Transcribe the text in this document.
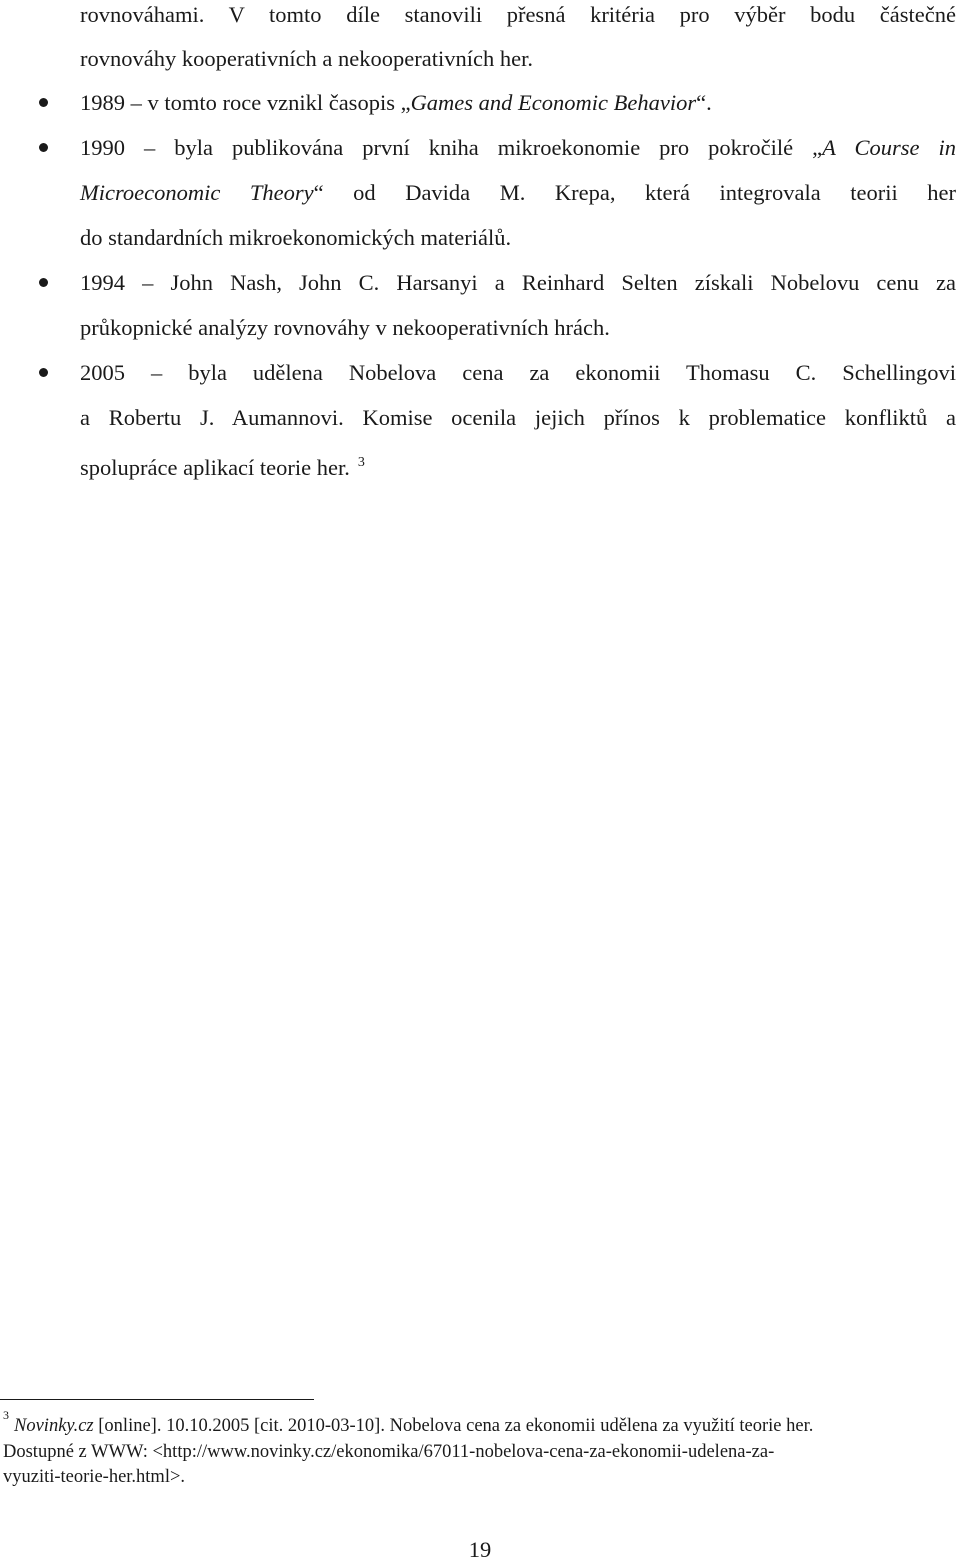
rovnováhami. V tomto díle stanovili přesná kritéria pro výběr bodu částečné
rovnováhy kooperativních a nekooperativních her.
1989 – v tomto roce vznikl časopis „Games and Economic Behavior“.
1990 – byla publikována první kniha mikroekonomie pro pokročilé „A Course in
Microeconomic Theory“ od Davida M. Krepa, která integrovala teorii her
do standardních mikroekonomických materiálů.
1994 – John Nash, John C. Harsanyi a Reinhard Selten získali Nobelovu cenu za
průkopnické analýzy rovnováhy v nekooperativních hrách.
2005 – byla udělena Nobelova cena za ekonomii Thomasu C. Schellingovi
a Robertu J. Aumannovi. Komise ocenila jejich přínos k problematice konfliktů a
spolupráce aplikací teorie her. $^3$
3
Novinky.cz [online]. 10.10.2005 [cit. 2010-03-10]. Nobelova cena za ekonomii udělena za využití teorie her.
Dostupné z WWW: <http://www.novinky.cz/ekonomika/67011-nobelova-cena-za-ekonomii-udelena-za-
vyuziti-teorie-her.html>.
19
